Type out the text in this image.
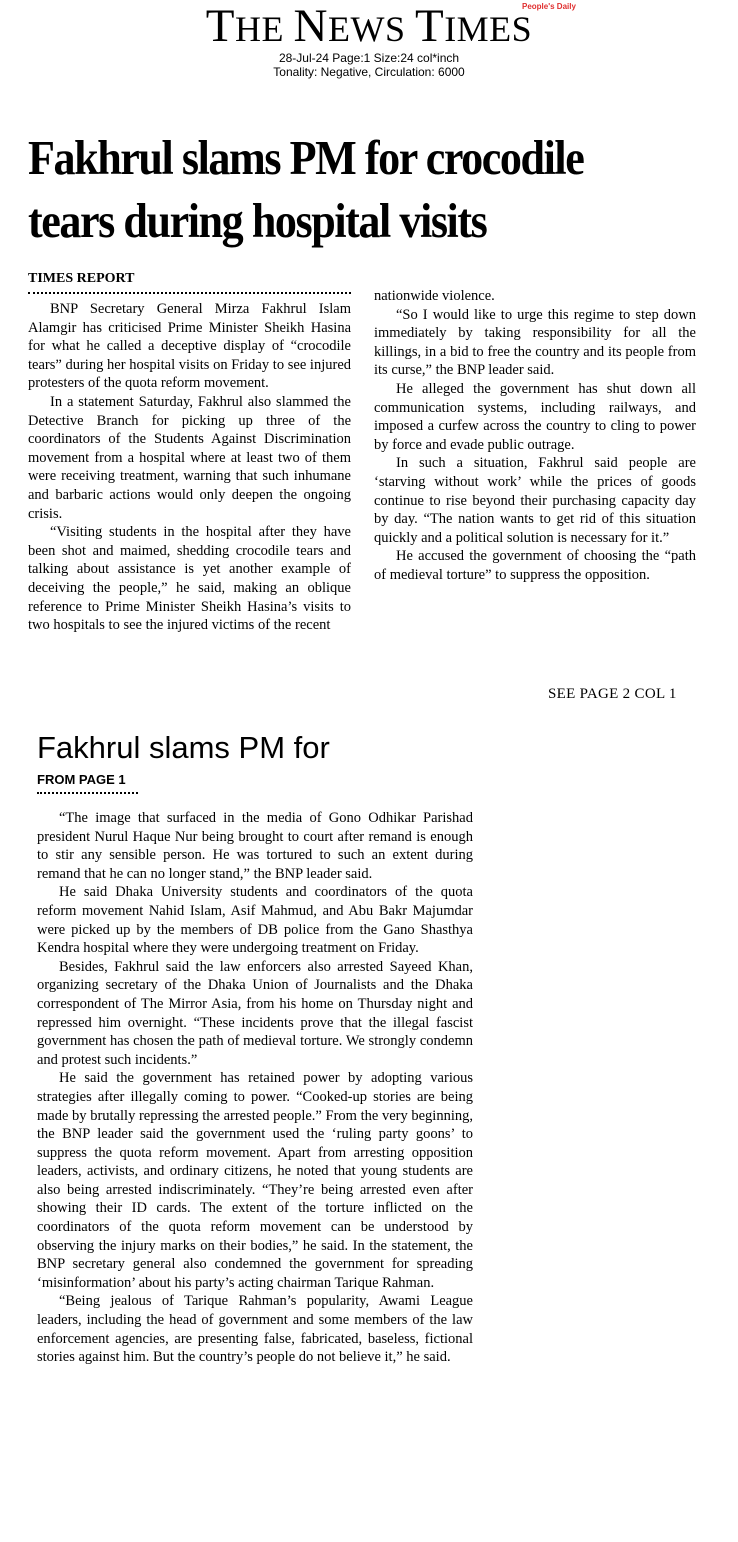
THE NEWS TIMES
People's Daily
28-Jul-24 Page:1 Size:24 col*inch
Tonality: Negative, Circulation: 6000
Fakhrul slams PM for crocodile
tears during hospital visits
TIMES REPORT

BNP Secretary General Mirza Fakhrul Islam Alamgir has criticised Prime Minister Sheikh Hasina for what he called a deceptive display of “crocodile tears” during her hospital visits on Friday to see injured protesters of the quota reform movement.

In a statement Saturday, Fakhrul also slammed the Detective Branch for picking up three of the coordinators of the Students Against Discrimination movement from a hospital where at least two of them were receiving treatment, warning that such inhumane and barbaric actions would only deepen the ongoing crisis.

“Visiting students in the hospital after they have been shot and maimed, shedding crocodile tears and talking about assistance is yet another example of deceiving the people,” he said, making an oblique reference to Prime Minister Sheikh Hasina’s visits to two hospitals to see the injured victims of the recent

nationwide violence.

“So I would like to urge this regime to step down immediately by taking responsibility for all the killings, in a bid to free the country and its people from its curse,” the BNP leader said.

He alleged the government has shut down all communication systems, including railways, and imposed a curfew across the country to cling to power by force and evade public outrage.

In such a situation, Fakhrul said people are ‘starving without work’ while the prices of goods continue to rise beyond their purchasing capacity day by day. “The nation wants to get rid of this situation quickly and a political solution is necessary for it.”

He accused the government of choosing the “path of medieval torture” to suppress the opposition.

SEE PAGE 2 COL 1
Fakhrul slams PM for
FROM PAGE 1

“The image that surfaced in the media of Gono Odhikar Parishad president Nurul Haque Nur being brought to court after remand is enough to stir any sensible person. He was tortured to such an extent during remand that he can no longer stand,” the BNP leader said.

He said Dhaka University students and coordinators of the quota reform movement Nahid Islam, Asif Mahmud, and Abu Bakr Majumdar were picked up by the members of DB police from the Gano Shasthya Kendra hospital where they were undergoing treatment on Friday.

Besides, Fakhrul said the law enforcers also arrested Sayeed Khan, organizing secretary of the Dhaka Union of Journalists and the Dhaka correspondent of The Mirror Asia, from his home on Thursday night and repressed him overnight. “These incidents prove that the illegal fascist government has chosen the path of medieval torture. We strongly condemn and protest such incidents.”

He said the government has retained power by adopting various strategies after illegally coming to power. “Cooked-up stories are being made by brutally repressing the arrested people.” From the very beginning, the BNP leader said the government used the ‘ruling party goons’ to suppress the quota reform movement. Apart from arresting opposition leaders, activists, and ordinary citizens, he noted that young students are also being arrested indiscriminately. “They’re being arrested even after showing their ID cards. The extent of the torture inflicted on the coordinators of the quota reform movement can be understood by observing the injury marks on their bodies,” he said. In the statement, the BNP secretary general also condemned the government for spreading ‘misinformation’ about his party’s acting chairman Tarique Rahman.

“Being jealous of Tarique Rahman’s popularity, Awami League leaders, including the head of government and some members of the law enforcement agencies, are presenting false, fabricated, baseless, fictional stories against him. But the country’s people do not believe it,” he said.
